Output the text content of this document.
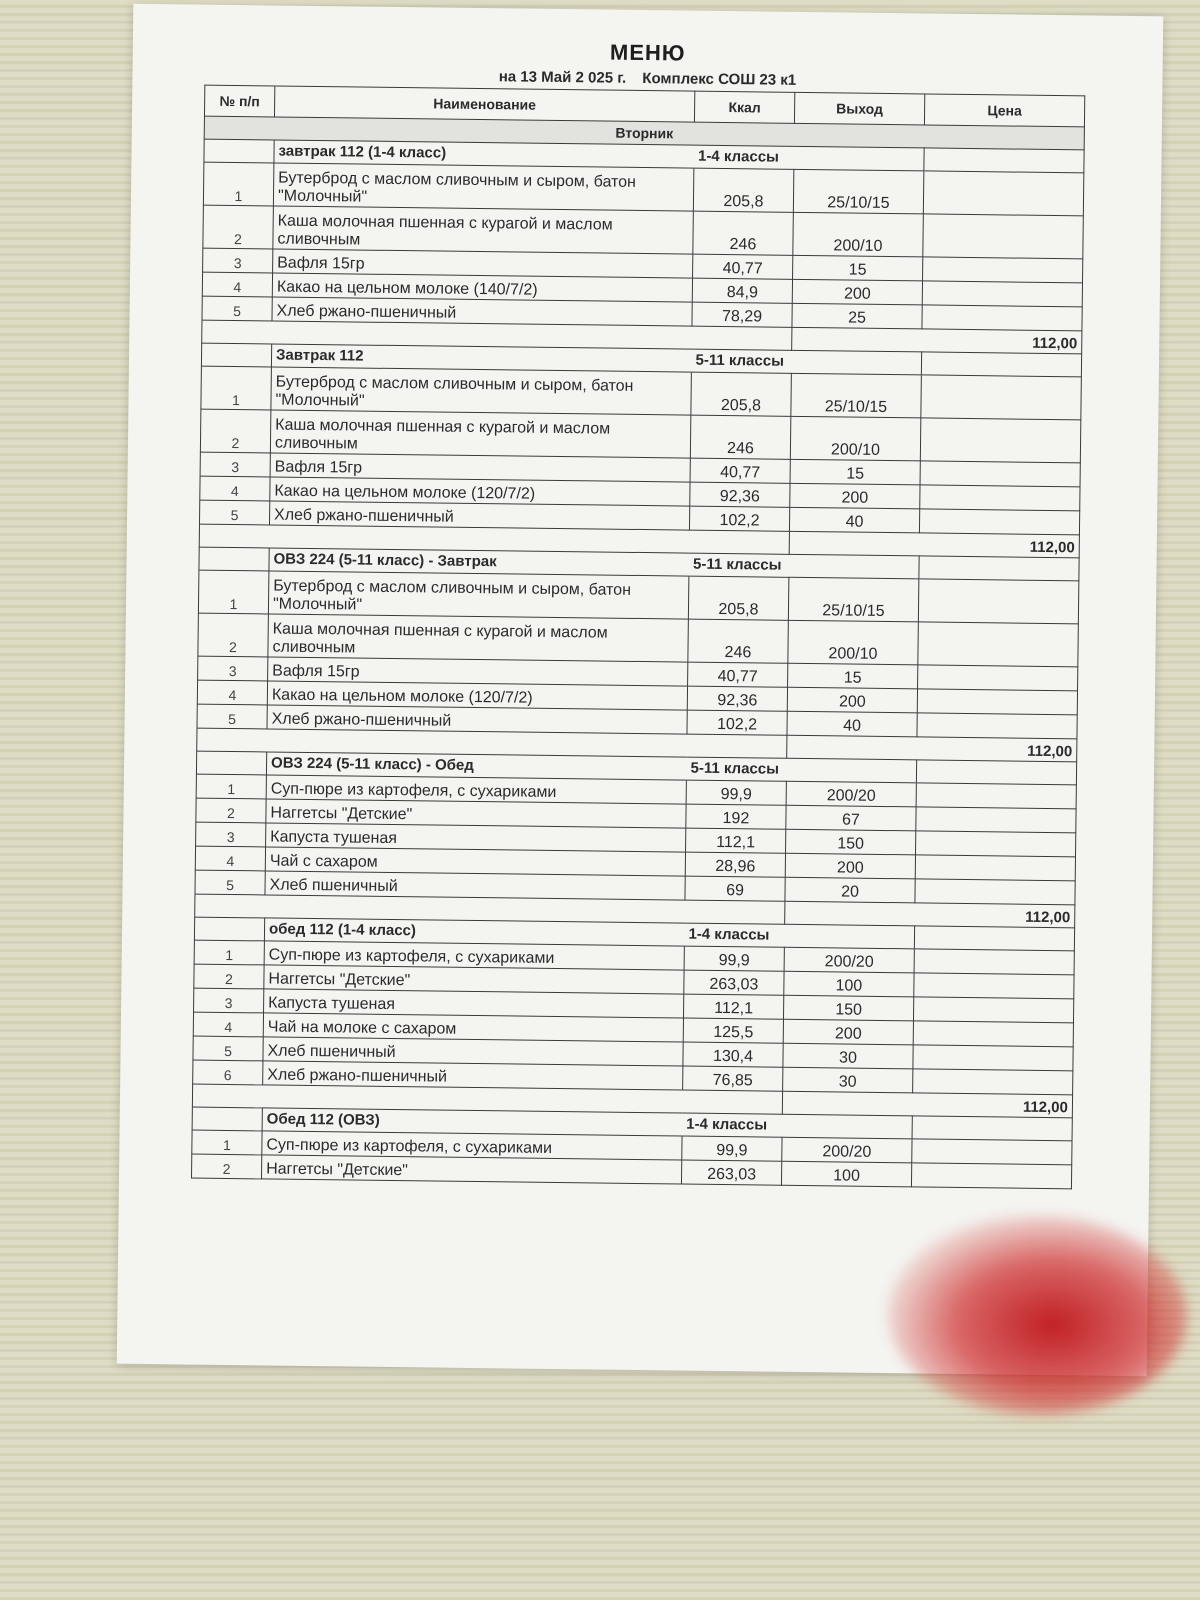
МЕНЮ
на 13 Май 2 025 г. Комплекс СОШ 23 к1
№ п/п	Наименование	Ккал	Выход	Цена
Вторник				
	завтрак 112 (1-4 класс)	1-4 классы		
1	Бутерброд с маслом сливочным и сыром, батон "Молочный"	205,8	25/10/15	
2	Каша молочная пшенная с курагой и маслом сливочным	246	200/10	
3	Вафля 15гр	40,77	15	
4	Какао на цельном молоке (140/7/2)	84,9	200	
5	Хлеб ржано-пшеничный	78,29	25	
			112,00	
	Завтрак 112	5-11 классы		
1	Бутерброд с маслом сливочным и сыром, батон "Молочный"	205,8	25/10/15	
2	Каша молочная пшенная с курагой и маслом сливочным	246	200/10	
3	Вафля 15гр	40,77	15	
4	Какао на цельном молоке (120/7/2)	92,36	200	
5	Хлеб ржано-пшеничный	102,2	40	
			112,00	
	ОВЗ 224 (5-11 класс) - Завтрак	5-11 классы		
1	Бутерброд с маслом сливочным и сыром, батон "Молочный"	205,8	25/10/15	
2	Каша молочная пшенная с курагой и маслом сливочным	246	200/10	
3	Вафля 15гр	40,77	15	
4	Какао на цельном молоке (120/7/2)	92,36	200	
5	Хлеб ржано-пшеничный	102,2	40	
			112,00	
	ОВЗ 224 (5-11 класс) - Обед	5-11 классы		
1	Суп-пюре из картофеля, с сухариками	99,9	200/20	
2	Наггетсы "Детские"	192	67	
3	Капуста тушеная	112,1	150	
4	Чай с сахаром	28,96	200	
5	Хлеб пшеничный	69	20	
			112,00	
	обед 112 (1-4 класс)	1-4 классы		
1	Суп-пюре из картофеля, с сухариками	99,9	200/20	
2	Наггетсы "Детские"	263,03	100	
3	Капуста тушеная	112,1	150	
4	Чай на молоке с сахаром	125,5	200	
5	Хлеб пшеничный	130,4	30	
6	Хлеб ржано-пшеничный	76,85	30	
			112,00	
	Обед 112 (ОВЗ)	1-4 классы		
1	Суп-пюре из картофеля, с сухариками	99,9	200/20	
2	Наггетсы "Детские"	263,03	100	
